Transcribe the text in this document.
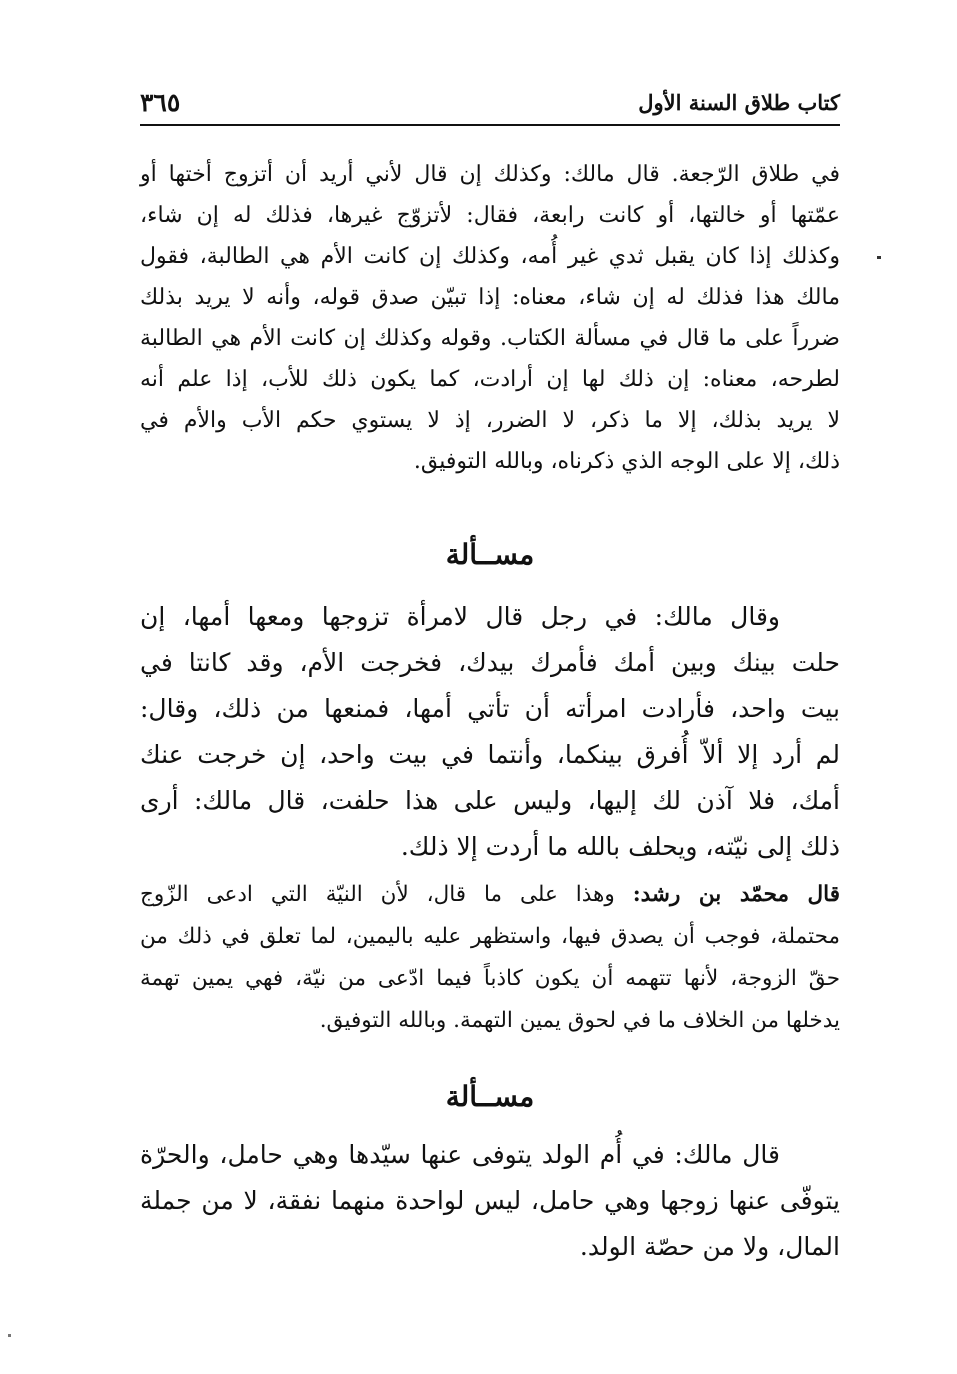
كتاب طلاق السنة الأول
٣٦٥
في طلاق الرّجعة. قال مالك: وكذلك إن قال لأني أريد أن أتزوج أختها أو
عمّتها أو خالتها، أو كانت رابعة، فقال: لأتزوّج غيرها، فذلك له إن شاء،
وكذلك إذا كان يقبل ثدي غير أُمه، وكذلك إن كانت الأم هي الطالبة، فقول
مالك هذا فذلك له إن شاء، معناه: إذا تبيّن صدق قوله، وأنه لا يريد بذلك
ضرراً على ما قال في مسألة الكتاب. وقوله وكذلك إن كانت الأم هي الطالبة
لطرحه، معناه: إن ذلك لها إن أرادت، كما يكون ذلك للأب، إذا علم أنه
لا يريد بذلك، إلا ما ذكر، لا الضرر، إذ لا يستوي حكم الأب والأم في
ذلك، إلا على الوجه الذي ذكرناه، وبالله التوفيق.
مســألة
وقال مالك: في رجل قال لامرأة تزوجها ومعها أمها، إن
حلت بينك وبين أمك فأمرك بيدك، فخرجت الأم، وقد كانتا في
بيت واحد، فأرادت امرأته أن تأتي أمها، فمنعها من ذلك، وقال:
لم أرد إلا ألاّ أُفرق بينكما، وأنتما في بيت واحد، إن خرجت عنك
أمك، فلا آذن لك إليها، وليس على هذا حلفت، قال مالك: أرى
ذلك إلى نيّته، ويحلف بالله ما أردت إلا ذلك.
قال محمّد بن رشد: وهذا على ما قال، لأن النيّة التي ادعى الزّوج
محتملة، فوجب أن يصدق فيها، واستظهر عليه باليمين، لما تعلق في ذلك من
حقّ الزوجة، لأنها تتهمه أن يكون كاذباً فيما ادّعى من نيّة، فهي يمين تهمة
يدخلها من الخلاف ما في لحوق يمين التهمة. وبالله التوفيق.
مســألة
قال مالك: في أُم الولد يتوفى عنها سيّدها وهي حامل، والحرّة
يتوفّى عنها زوجها وهي حامل، ليس لواحدة منهما نفقة، لا من جملة
المال، ولا من حصّة الولد.
